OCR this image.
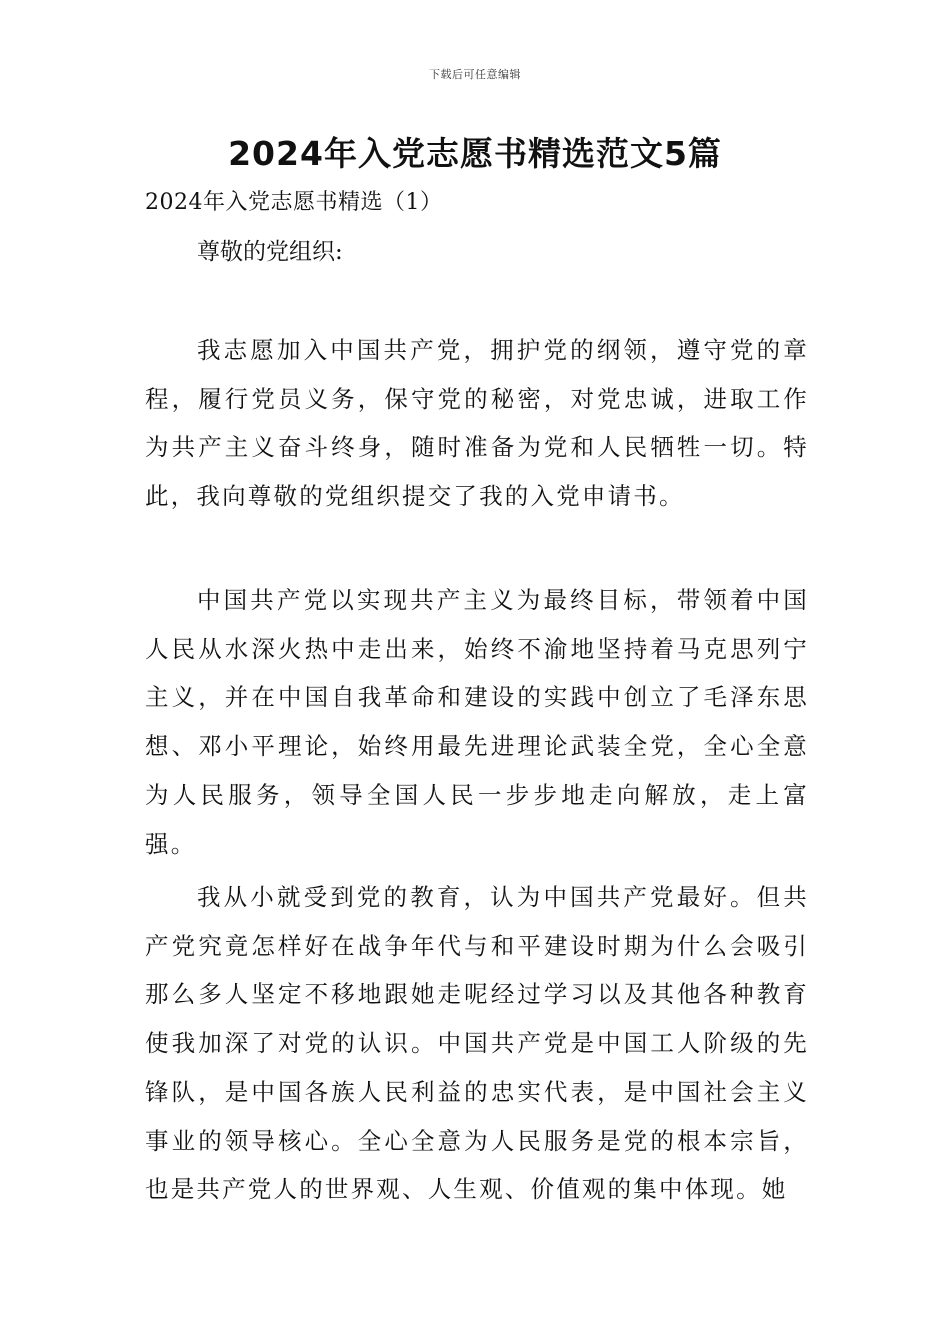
下载后可任意编辑
2024年入党志愿书精选范文5篇
2024年入党志愿书精选（1）
尊敬的党组织:

我志愿加入中国共产党，拥护党的纲领，遵守党的章程，履行党员义务，保守党的秘密，对党忠诚，进取工作为共产主义奋斗终身，随时准备为党和人民牺牲一切。特此，我向尊敬的党组织提交了我的入党申请书。

中国共产党以实现共产主义为最终目标，带领着中国人民从水深火热中走出来，始终不渝地坚持着马克思列宁主义，并在中国自我革命和建设的实践中创立了毛泽东思想、邓小平理论，始终用最先进理论武装全党，全心全意为人民服务，领导全国人民一步步地走向解放，走上富强。

我从小就受到党的教育，认为中国共产党最好。但共产党究竟怎样好在战争年代与和平建设时期为什么会吸引那么多人坚定不移地跟她走呢经过学习以及其他各种教育使我加深了对党的认识。中国共产党是中国工人阶级的先锋队，是中国各族人民利益的忠实代表，是中国社会主义事业的领导核心。全心全意为人民服务是党的根本宗旨，也是共产党人的世界观、人生观、价值观的集中体现。她
